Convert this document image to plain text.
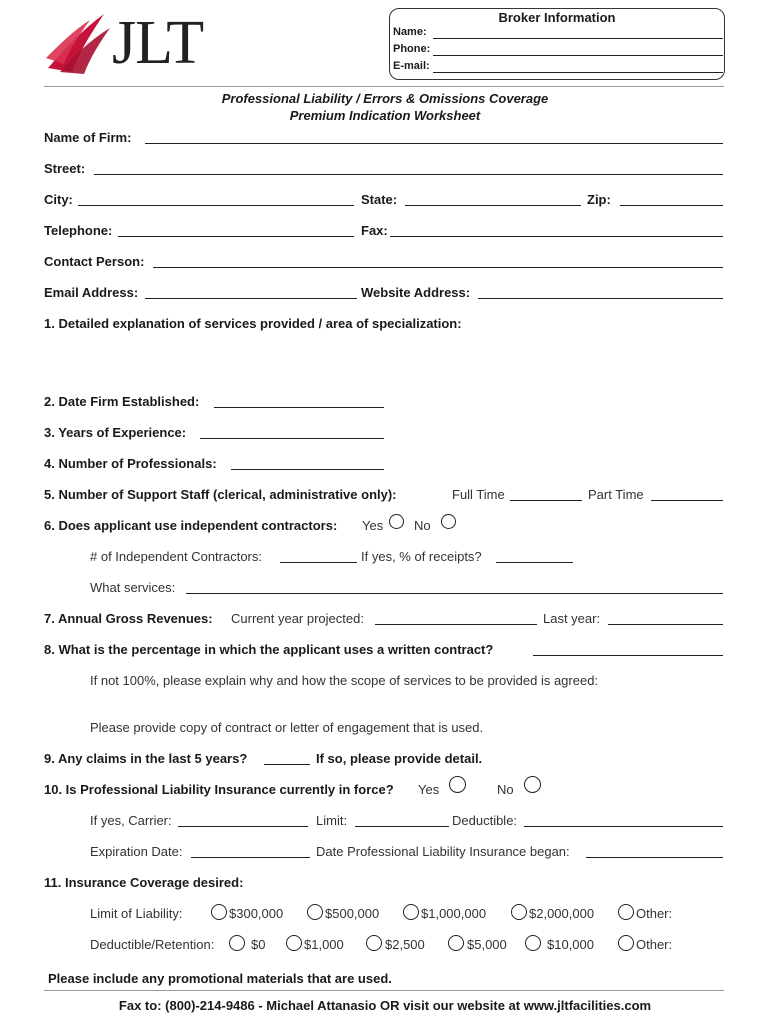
JLT	Broker Information
Name:
Phone:
E-mail:
Professional Liability / Errors & Omissions Coverage
Premium Indication Worksheet
Name of Firm:
Street:
City:	State:	Zip:
Telephone:	Fax:
Contact Person:
Email Address:	Website Address:
1. Detailed explanation of services provided / area of specialization:
2. Date Firm Established:
3. Years of Experience:
4. Number of Professionals:
5. Number of Support Staff (clerical, administrative only):	Full Time	Part Time
6. Does applicant use independent contractors: Yes No
# of Independent Contractors:	If yes, % of receipts?
What services:
7. Annual Gross Revenues: Current year projected:	Last year:
8. What is the percentage in which the applicant uses a written contract?
If not 100%, please explain why and how the scope of services to be provided is agreed:
Please provide copy of contract or letter of engagement that is used.
9. Any claims in the last 5 years?	If so, please provide detail.
10. Is Professional Liability Insurance currently in force? Yes	No
If yes, Carrier:	Limit:	Deductible:
Expiration Date:	Date Professional Liability Insurance began:
11. Insurance Coverage desired:
Limit of Liability:	$300,000	$500,000	$1,000,000	$2,000,000	Other:
Deductible/Retention:	$0	$1,000	$2,500	$5,000	$10,000	Other:
Please include any promotional materials that are used.
Fax to: (800)-214-9486 - Michael Attanasio OR visit our website at www.jltfacilities.com
